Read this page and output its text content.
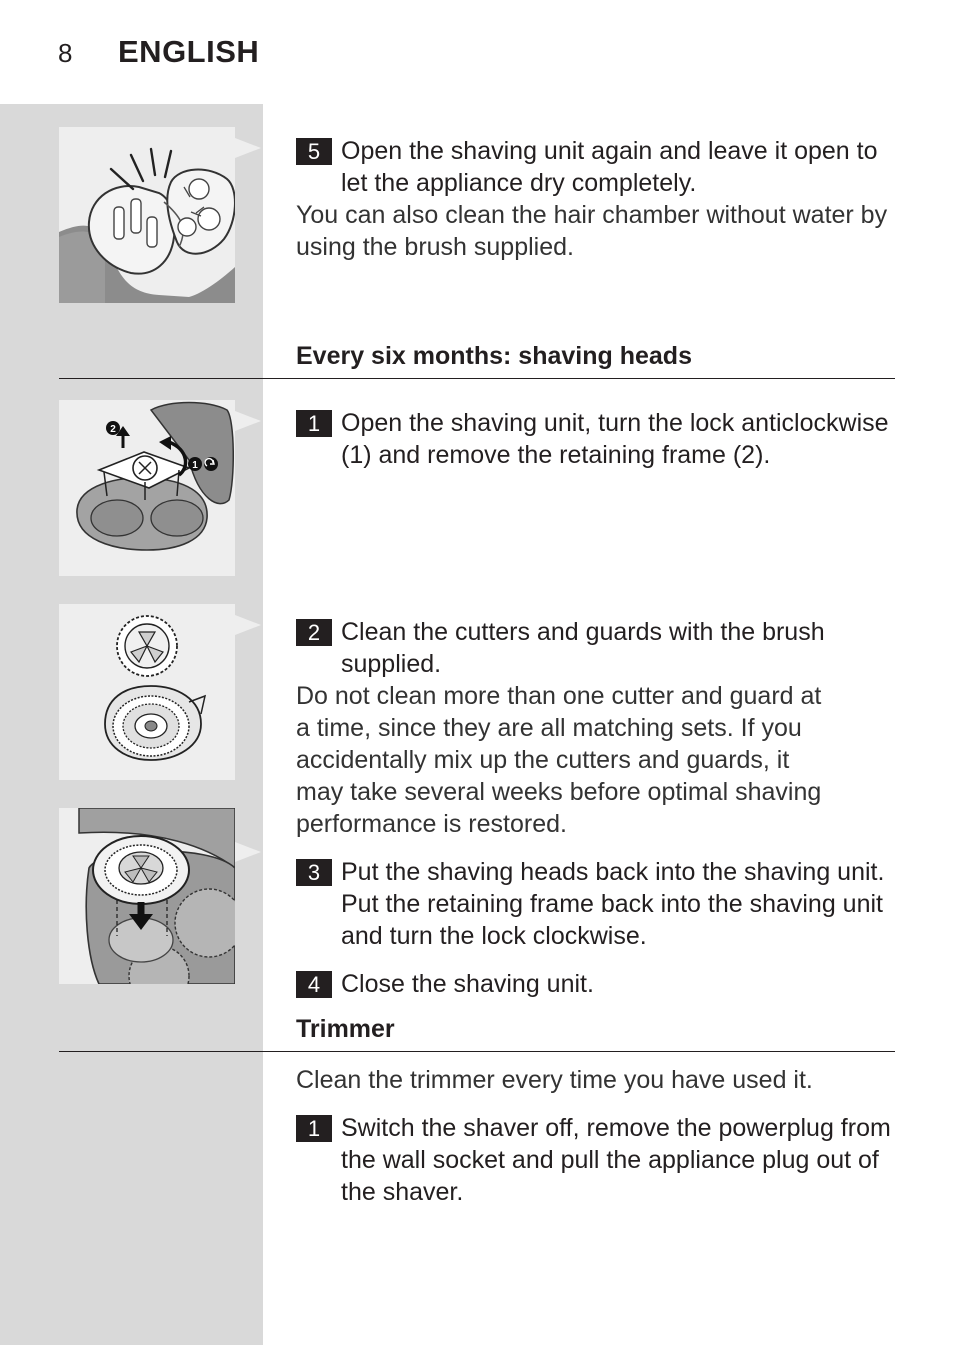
8 ENGLISH
5 Open the shaving unit again and leave it open to let the appliance dry completely.
You can also clean the hair chamber without water by using the brush supplied.
Every six months: shaving heads
2
1
1 Open the shaving unit, turn the lock anticlockwise (1) and remove the retaining frame (2).
2 Clean the cutters and guards with the brush supplied.
Do not clean more than one cutter and guard at a time, since they are all matching sets. If you accidentally mix up the cutters and guards, it may take several weeks before optimal shaving performance is restored.
3 Put the shaving heads back into the shaving unit. Put the retaining frame back into the shaving unit and turn the lock clockwise.
4 Close the shaving unit.
Trimmer
Clean the trimmer every time you have used it.
1 Switch the shaver off, remove the powerplug from the wall socket and pull the appliance plug out of the shaver.
